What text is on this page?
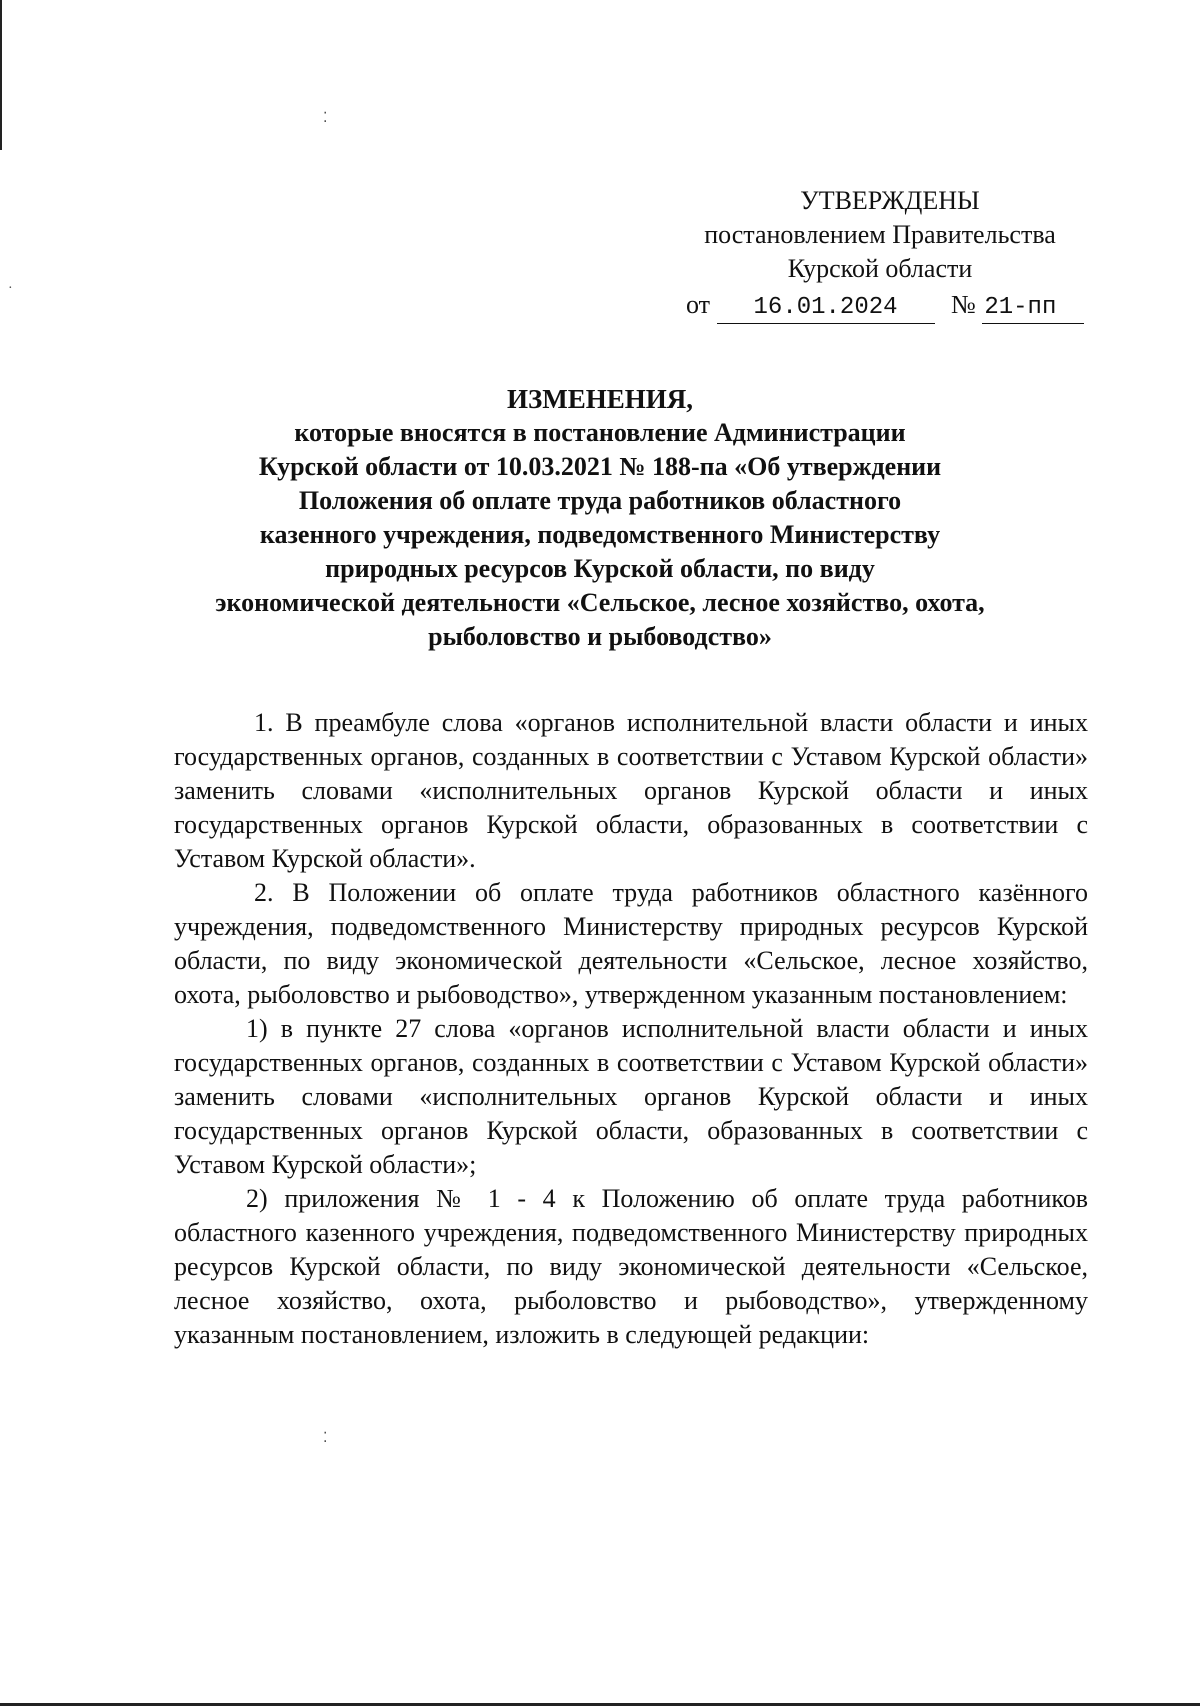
⁚
⁚
·
УТВЕРЖДЕНЫ
постановлением Правительства
Курской области
от 16.01.2024 № 21-пп
ИЗМЕНЕНИЯ,
которые вносятся в постановление Администрации
Курской области от 10.03.2021 № 188-па «Об утверждении
Положения об оплате труда работников областного
казенного учреждения, подведомственного Министерству
природных ресурсов Курской области, по виду
экономической деятельности «Сельское, лесное хозяйство, охота,
рыболовство и рыбоводство»

1. В преамбуле слова «органов исполнительной власти области и иных государственных органов, созданных в соответствии с Уставом Курской области» заменить словами «исполнительных органов Курской области и иных государственных органов Курской области, образованных в соответствии с Уставом Курской области».

2. В Положении об оплате труда работников областного казённого учреждения, подведомственного Министерству природных ресурсов Курской области, по виду экономической деятельности «Сельское, лесное хозяйство, охота, рыболовство и рыбоводство», утвержденном указанным постановлением:

1) в пункте 27 слова «органов исполнительной власти области и иных государственных органов, созданных в соответствии с Уставом Курской области» заменить словами «исполнительных органов Курской области и иных государственных органов Курской области, образованных в соответствии с Уставом Курской области»;

2) приложения № 1 - 4 к Положению об оплате труда работников областного казенного учреждения, подведомственного Министерству природных ресурсов Курской области, по виду экономической деятельности «Сельское, лесное хозяйство, охота, рыболовство и рыбоводство», утвержденному указанным постановлением, изложить в следующей редакции:
